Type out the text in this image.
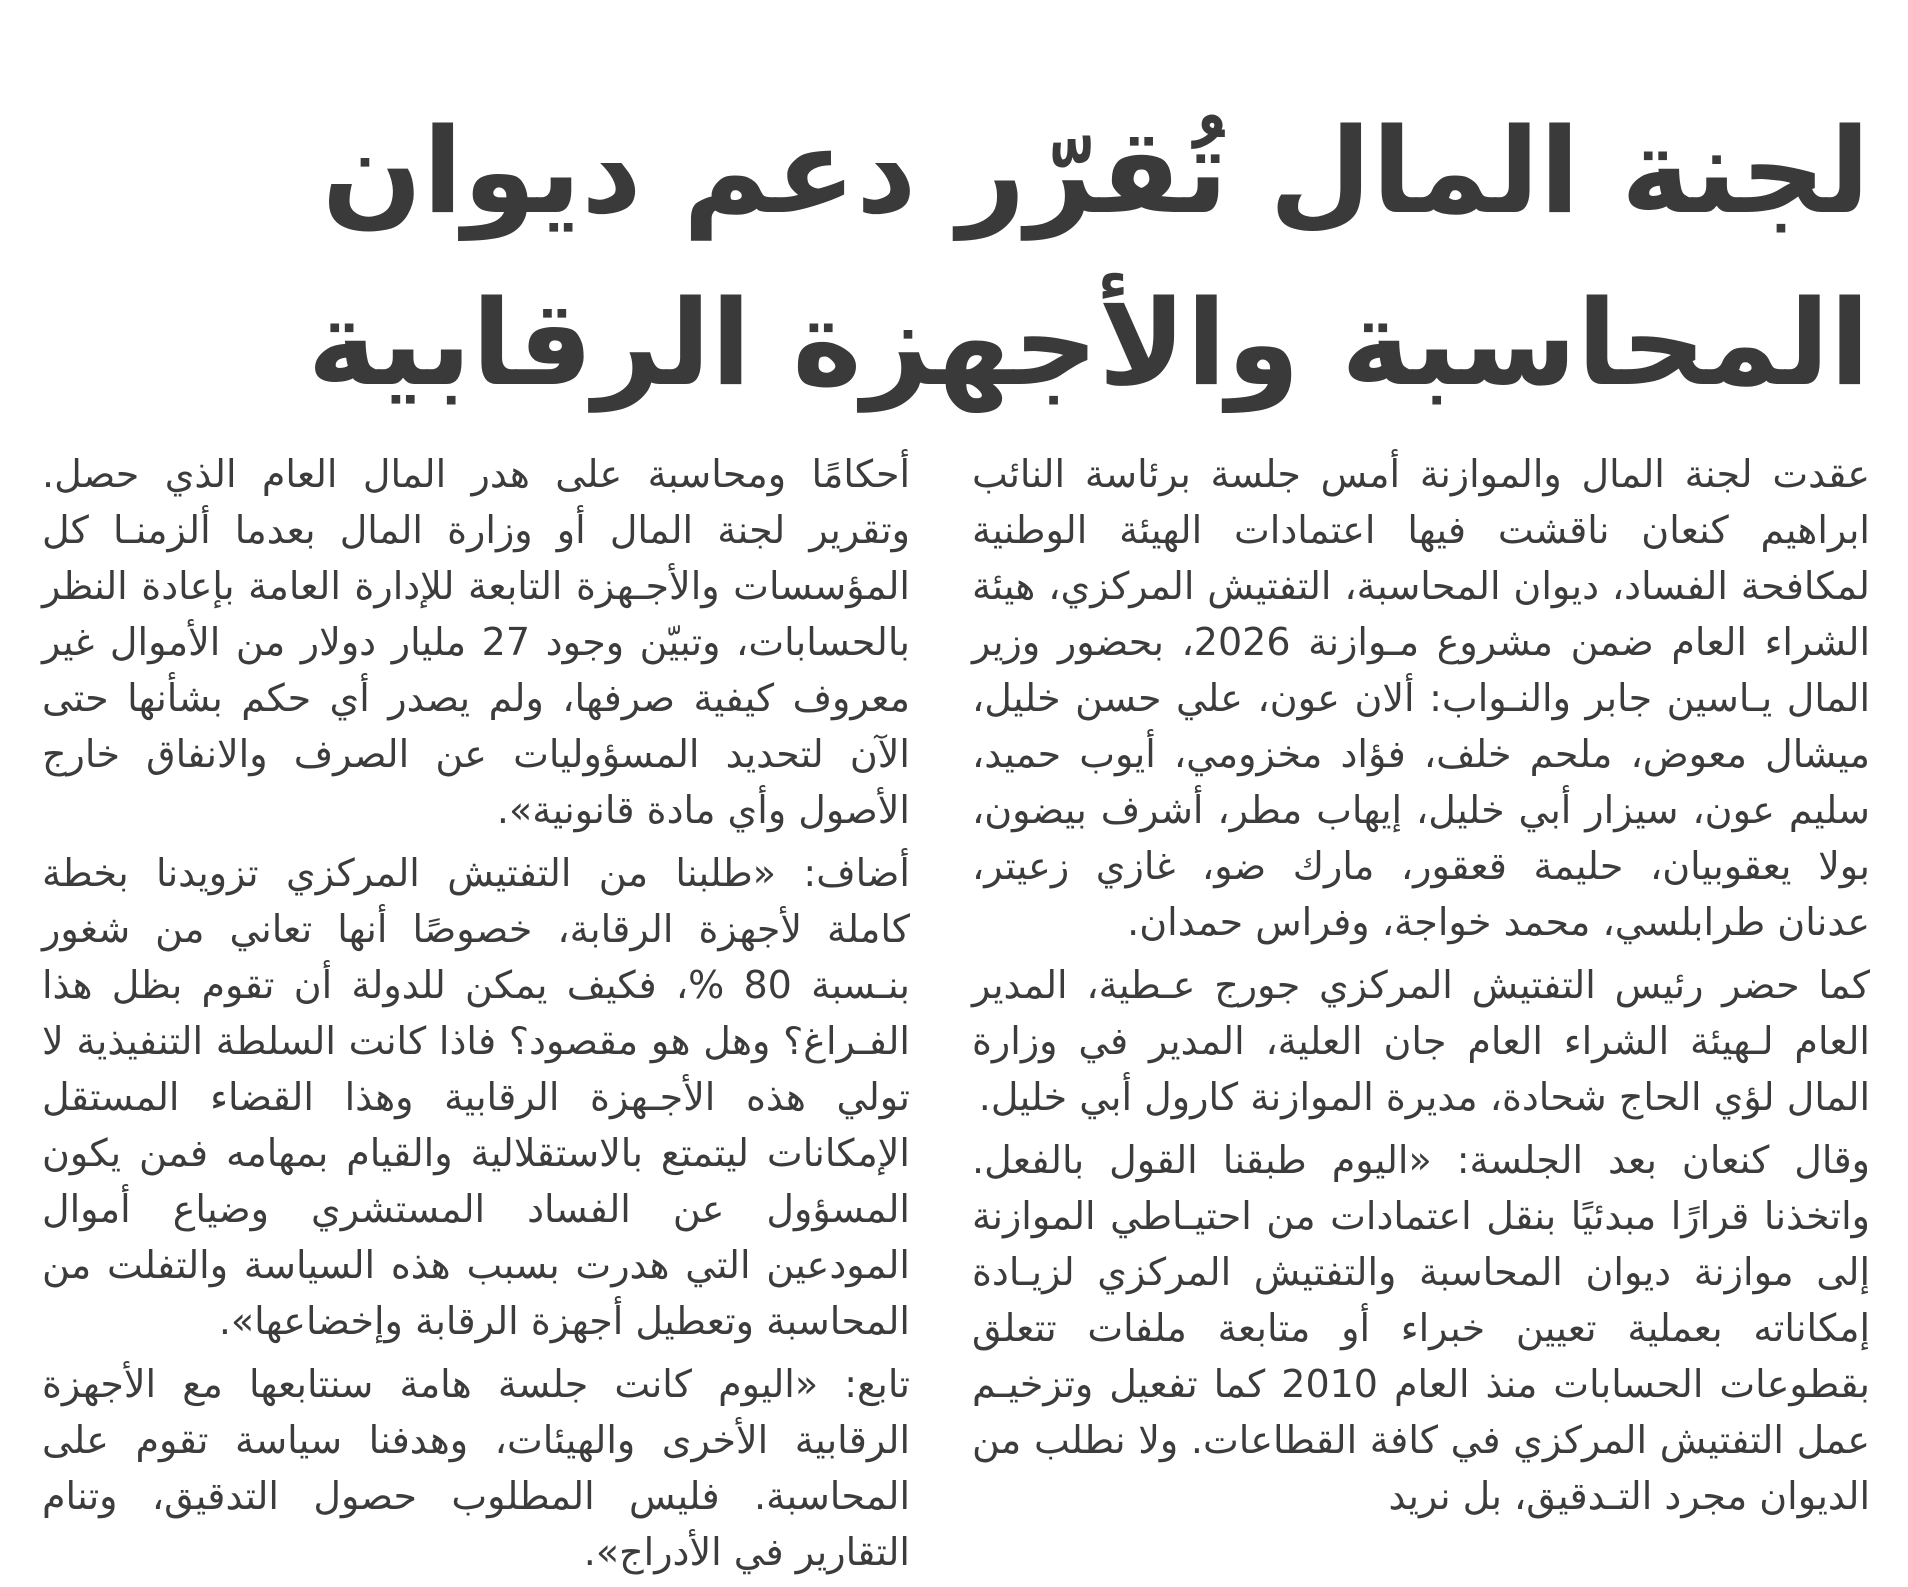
لجنة المال تُقرّر دعم ديوان
المحاسبة والأجهزة الرقابية

عقدت لجنة المال والموازنة أمس جلسة برئاسة النائب ابراهيم كنعان ناقشت فيها اعتمادات الهيئة الوطنية لمكافحة الفساد، ديوان المحاسبة، التفتيش المركزي، هيئة الشراء العام ضمن مشروع مـوازنة 2026، بحضور وزير المال يـاسين جابر والنـواب: ألان عون، علي حسن خليل، ميشال معوض، ملحم خلف، فؤاد مخزومي، أيوب حميد، سليم عون، سيزار أبي خليل، إيهاب مطر، أشرف بيضون، بولا يعقوبيان، حليمة قعقور، مارك ضو، غازي زعيتر، عدنان طرابلسي، محمد خواجة، وفراس حمدان.

كما حضر رئيس التفتيش المركزي جورج عـطية، المدير العام لـهيئة الشراء العام جان العلية، المدير في وزارة المال لؤي الحاج شحادة، مديرة الموازنة كارول أبي خليل.

وقال كنعان بعد الجلسة: «اليوم طبقنا القول بالفعل. واتخذنا قرارًا مبدئيًا بنقل اعتمادات من احتيـاطي الموازنة إلى موازنة ديوان المحاسبة والتفتيش المركزي لزيـادة إمكاناته بعملية تعيين خبراء أو متابعة ملفات تتعلق بقطوعات الحسابات منذ العام 2010 كما تفعيل وتزخيـم عمل التفتيش المركزي في كافة القطاعات. ولا نطلب من الديوان مجرد التـدقيق، بل نريد

أحكامًا ومحاسبة على هدر المال العام الذي حصل. وتقرير لجنة المال أو وزارة المال بعدما ألزمنـا كل المؤسسات والأجـهزة التابعة للإدارة العامة بإعادة النظر بالحسابات، وتبيّن وجود 27 مليار دولار من الأموال غير معروف كيفية صرفها، ولم يصدر أي حكم بشأنها حتى الآن لتحديد المسؤوليات عن الصرف والانفاق خارج الأصول وأي مادة قانونية».

أضاف: «طلبنا من التفتيش المركزي تزويدنا بخطة كاملة لأجهزة الرقابة، خصوصًا أنها تعاني من شغور بنـسبة 80 %، فكيف يمكن للدولة أن تقوم بظل هذا الفـراغ؟ وهل هو مقصود؟ فاذا كانت السلطة التنفيذية لا تولي هذه الأجـهزة الرقابية وهذا القضاء المستقل الإمكانات ليتمتع بالاستقلالية والقيام بمهامه فمن يكون المسؤول عن الفساد المستشري وضياع أموال المودعين التي هدرت بسبب هذه السياسة والتفلت من المحاسبة وتعطيل أجهزة الرقابة وإخضاعها».

تابع: «اليوم كانت جلسة هامة سنتابعها مع الأجهزة الرقابية الأخرى والهيئات، وهدفنا سياسة تقوم على المحاسبة. فليس المطلوب حصول التدقيق، وتنام التقارير في الأدراج».
